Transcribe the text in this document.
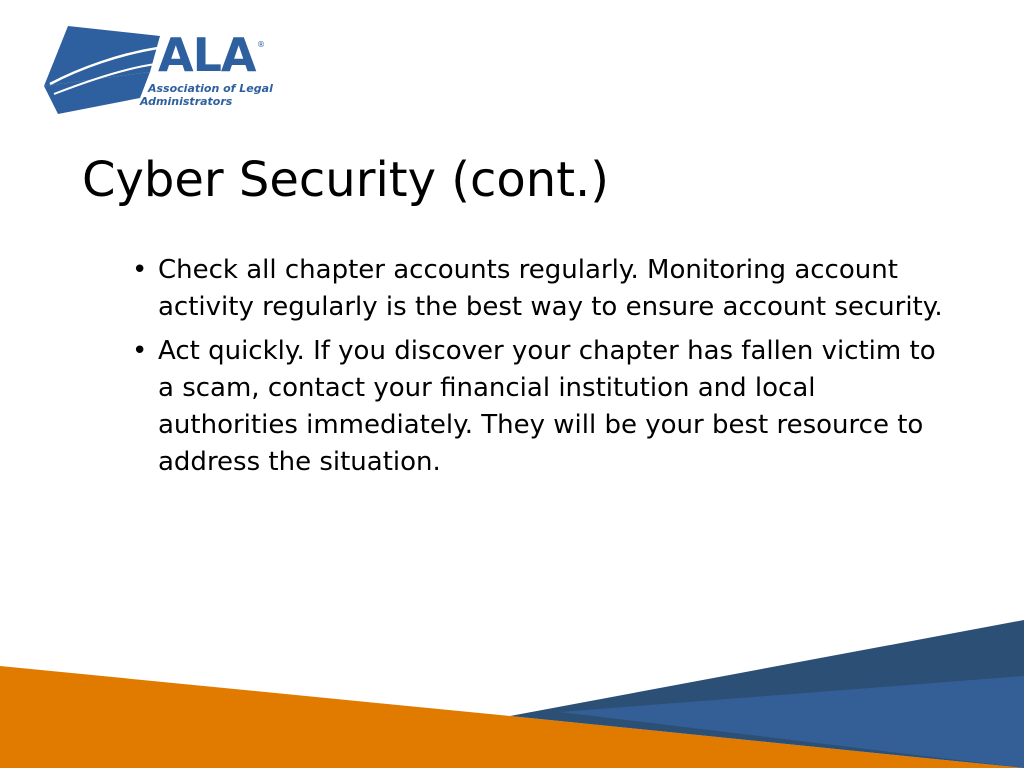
ALA ®
Association of Legal
Administrators
Cyber Security (cont.)
• Check all chapter accounts regularly. Monitoring account activity regularly is the best way to ensure account security.
• Act quickly. If you discover your chapter has fallen victim to a scam, contact your financial institution and local authorities immediately. They will be your best resource to address the situation.
